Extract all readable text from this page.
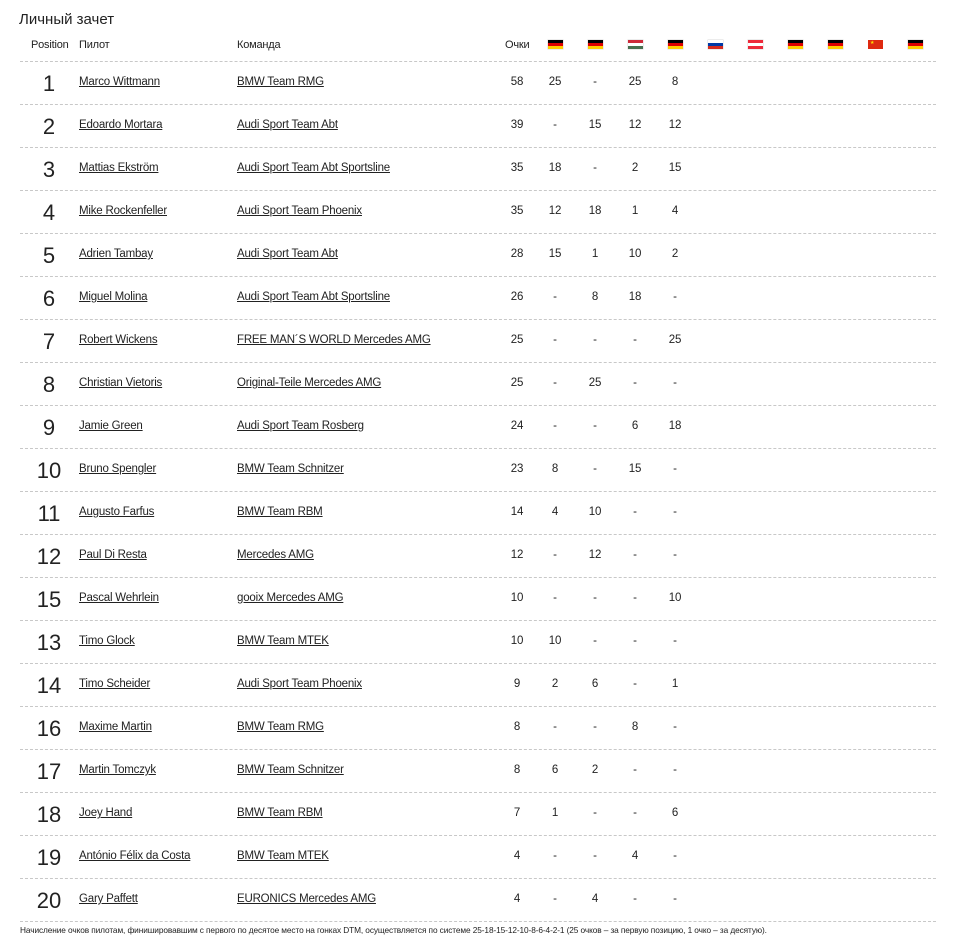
Личный зачет
Position Пилот	Команда	Очки	★
1	Marco Wittmann	BMW Team RMG	58	25	-	25	8
2	Edoardo Mortara	Audi Sport Team Abt	39	-	15	12	12
3	Mattias Ekström	Audi Sport Team Abt Sportsline	35	18	-	2	15
4	Mike Rockenfeller	Audi Sport Team Phoenix	35	12	18	1	4
5	Adrien Tambay	Audi Sport Team Abt	28	15	1	10	2
6	Miguel Molina	Audi Sport Team Abt Sportsline	26	-	8	18	-
7	Robert Wickens	FREE MAN´S WORLD Mercedes AMG	25	-	-	-	25
8	Christian Vietoris	Original-Teile Mercedes AMG	25	-	25	-	-
9	Jamie Green	Audi Sport Team Rosberg	24	-	-	6	18
10	Bruno Spengler	BMW Team Schnitzer	23	8	-	15	-
11	Augusto Farfus	BMW Team RBM	14	4	10	-	-
12	Paul Di Resta	Mercedes AMG	12	-	12	-	-
15	Pascal Wehrlein	gooix Mercedes AMG	10	-	-	-	10
13	Timo Glock	BMW Team MTEK	10	10	-	-	-
14	Timo Scheider	Audi Sport Team Phoenix	9	2	6	-	1
16	Maxime Martin	BMW Team RMG	8	-	-	8	-
17	Martin Tomczyk	BMW Team Schnitzer	8	6	2	-	-
18	Joey Hand	BMW Team RBM	7	1	-	-	6
19	António Félix da Costa	BMW Team MTEK	4	-	-	4	-
20	Gary Paffett	EURONICS Mercedes AMG	4	-	4	-	-
Начисление очков пилотам, финишировавшим с первого по десятое место на гонках DTM, осуществляется по системе 25-18-15-12-10-8-6-4-2-1 (25 очков – за первую позицию, 1 очко – за десятую).
